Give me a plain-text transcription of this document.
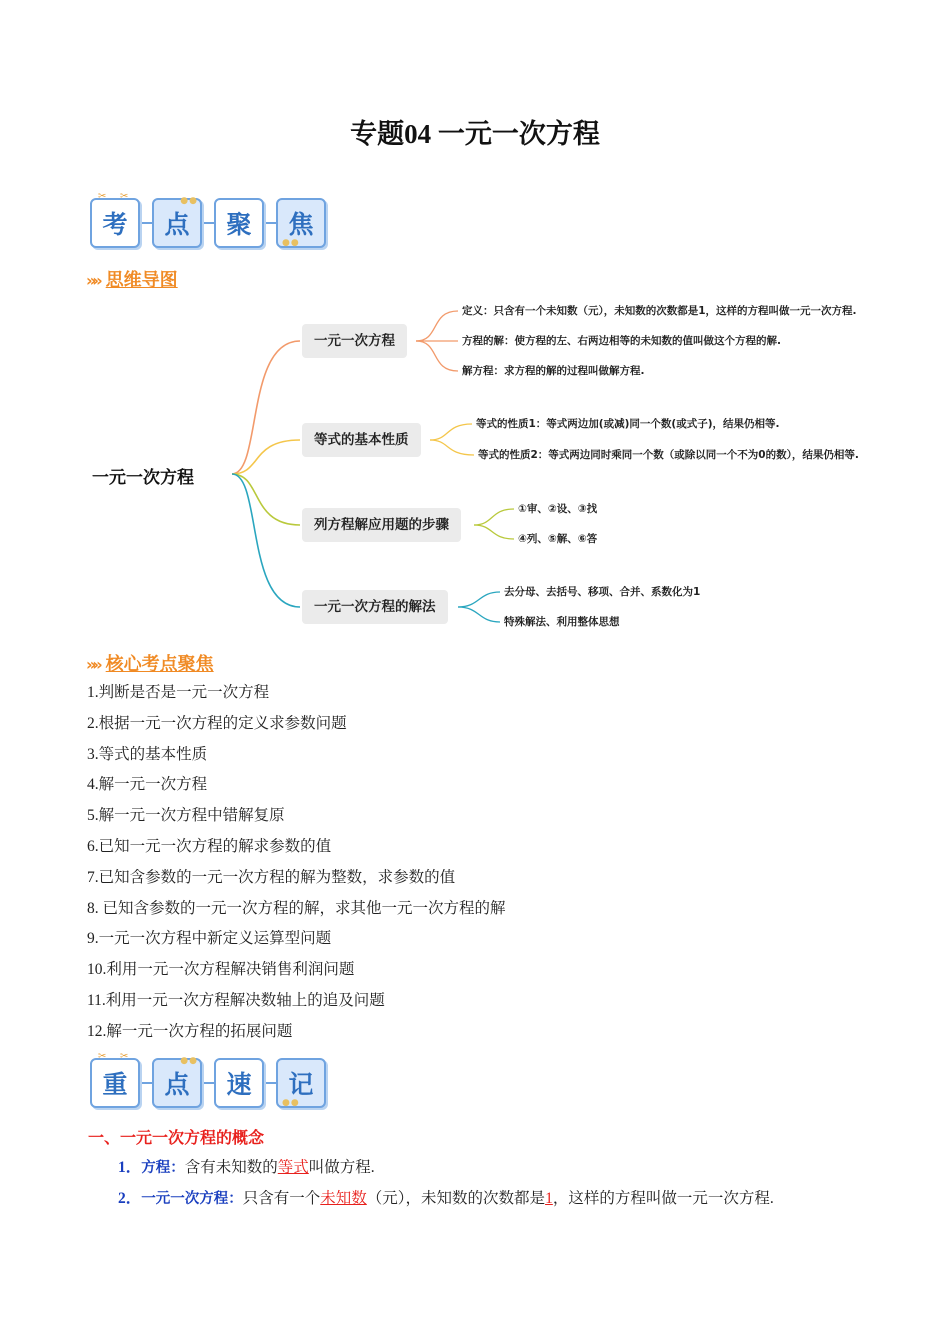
专题04 一元一次方程
✂ ✂
考
●●
点 聚
●●
焦
»» 思维导图
一元一次方程
一元一次方程
等式的基本性质
列方程解应用题的步骤
一元一次方程的解法
定义：只含有一个未知数（元），未知数的次数都是1，这样的方程叫做一元一次方程.
方程的解：使方程的左、右两边相等的未知数的值叫做这个方程的解.
解方程：求方程的解的过程叫做解方程.
等式的性质1：等式两边加(或减)同一个数(或式子)，结果仍相等.
等式的性质2：等式两边同时乘同一个数（或除以同一个不为0的数），结果仍相等.
①审、②设、③找
④列、⑤解、⑥答
去分母、去括号、移项、合并、系数化为1
特殊解法、利用整体思想
»» 核心考点聚焦
1.判断是否是一元一次方程
2.根据一元一次方程的定义求参数问题
3.等式的基本性质
4.解一元一次方程
5.解一元一次方程中错解复原
6.已知一元一次方程的解求参数的值
7.已知含参数的一元一次方程的解为整数，求参数的值
8. 已知含参数的一元一次方程的解，求其他一元一次方程的解
9.一元一次方程中新定义运算型问题
10.利用一元一次方程解决销售利润问题
11.利用一元一次方程解决数轴上的追及问题
12.解一元一次方程的拓展问题
✂ ✂
重
●●
点 速
●●
记
一、一元一次方程的概念
1．方程：含有未知数的等式叫做方程.
2．一元一次方程：只含有一个未知数（元），未知数的次数都是1，这样的方程叫做一元一次方程.
